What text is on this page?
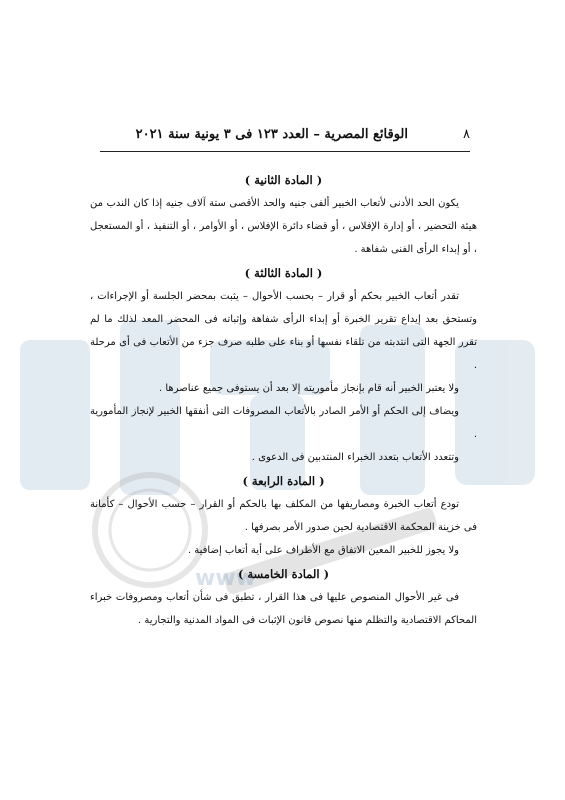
www
٨
الوقائع المصرية – العدد ١٢٣ فى ٣ يونية سنة ٢٠٢١
( المادة الثانية )

يكون الحد الأدنى لأتعاب الخبير ألفى جنيه والحد الأقصى ستة آلاف جنيه إذا كان الندب من هيئة التحضير ، أو إدارة الإفلاس ، أو قضاء دائرة الإفلاس ، أو الأوامر ، أو التنفيذ ، أو المستعجل ، أو إبداء الرأى الفنى شفاهة .

( المادة الثالثة )

تقدر أتعاب الخبير بحكم أو قرار – بحسب الأحوال – يثبت بمحضر الجلسة أو الإجراءات ، وتستحق بعد إيداع تقرير الخبرة أو إبداء الرأى شفاهة وإثباته فى المحضر المعد لذلك ما لم تقرر الجهة التى انتدبته من تلقاء نفسها أو بناء على طلبه صرف جزء من الأتعاب فى أى مرحلة .

ولا يعتبر الخبير أنه قام بإنجاز مأموريته إلا بعد أن يستوفى جميع عناصرها .

ويضاف إلى الحكم أو الأمر الصادر بالأتعاب المصروفات التى أنفقها الخبير لإنجاز المأمورية .

وتتعدد الأتعاب بتعدد الخبراء المنتدبين فى الدعوى .

( المادة الرابعة )

تودع أتعاب الخبرة ومصاريفها من المكلف بها بالحكم أو القرار – حسب الأحوال – كأمانة فى خزينة المحكمة الاقتصادية لحين صدور الأمر بصرفها .

ولا يجوز للخبير المعين الاتفاق مع الأطراف على أية أتعاب إضافية .

( المادة الخامسة )

فى غير الأحوال المنصوص عليها فى هذا القرار ، تطبق فى شأن أتعاب ومصروفات خبراء المحاكم الاقتصادية والتظلم منها نصوص قانون الإثبات فى المواد المدنية والتجارية .
